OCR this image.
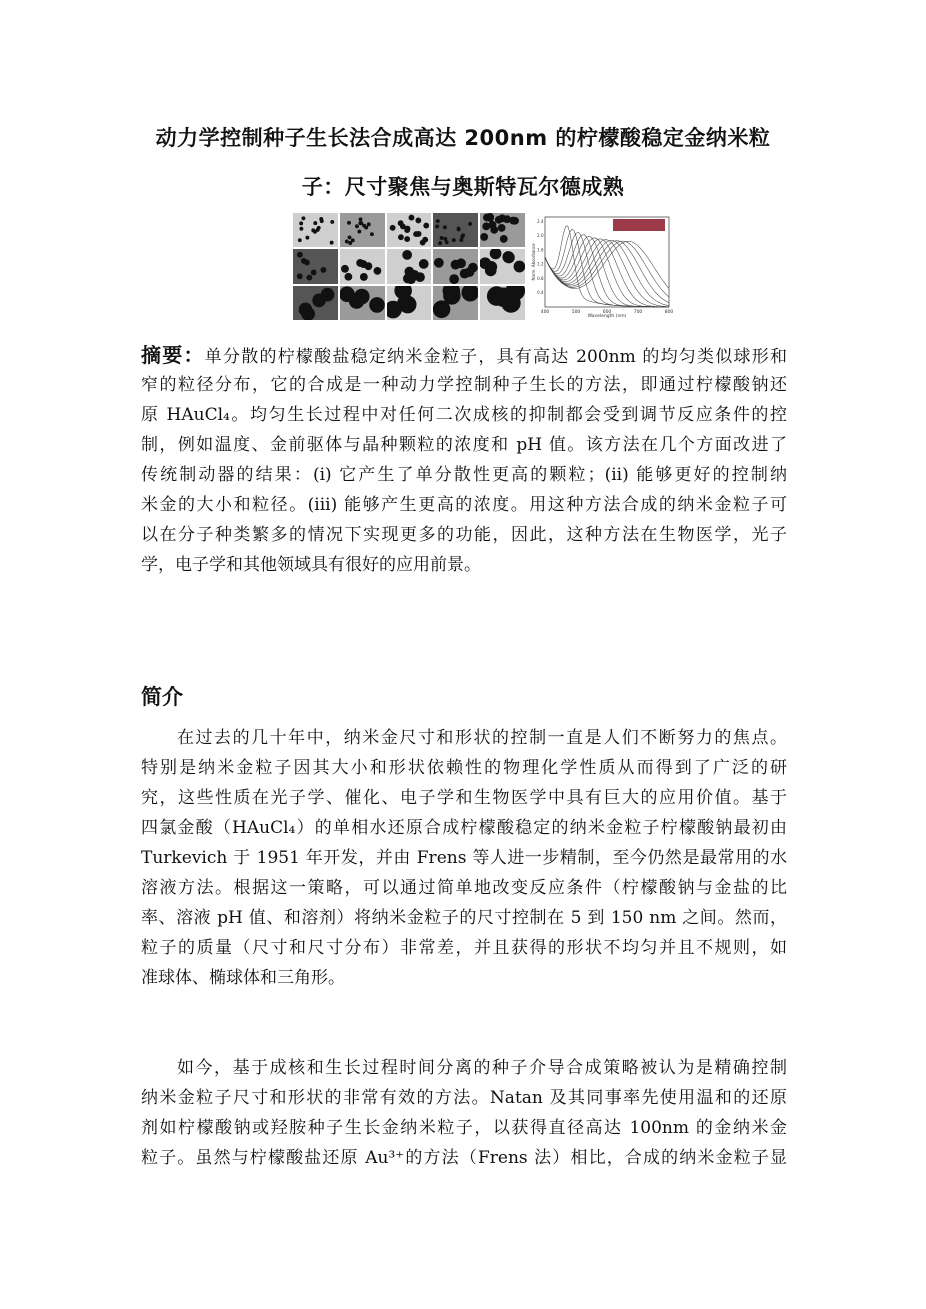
动力学控制种子生长法合成高达 200nm 的柠檬酸稳定金纳米粒
子：尺寸聚焦与奥斯特瓦尔德成熟
400	500	600	700	800
0.4
0.8
1.2
1.6
2.0
2.4
Wavelength (nm)
Norm. Absorbance
摘要：单分散的柠檬酸盐稳定纳米金粒子，具有高达 200nm 的均匀类似球形和
窄的粒径分布，它的合成是一种动力学控制种子生长的方法，即通过柠檬酸钠还
原 HAuCl₄。均匀生长过程中对任何二次成核的抑制都会受到调节反应条件的控
制，例如温度、金前驱体与晶种颗粒的浓度和 pH 值。该方法在几个方面改进了
传统制动器的结果：(i) 它产生了单分散性更高的颗粒；(ii) 能够更好的控制纳
米金的大小和粒径。(iii) 能够产生更高的浓度。用这种方法合成的纳米金粒子可
以在分子种类繁多的情况下实现更多的功能，因此，这种方法在生物医学，光子
学，电子学和其他领域具有很好的应用前景。
简介
在过去的几十年中，纳米金尺寸和形状的控制一直是人们不断努力的焦点。
特别是纳米金粒子因其大小和形状依赖性的物理化学性质从而得到了广泛的研
究，这些性质在光子学、催化、电子学和生物医学中具有巨大的应用价值。基于
四氯金酸（HAuCl₄）的单相水还原合成柠檬酸稳定的纳米金粒子柠檬酸钠最初由
Turkevich 于 1951 年开发，并由 Frens 等人进一步精制，至今仍然是最常用的水
溶液方法。根据这一策略，可以通过简单地改变反应条件（柠檬酸钠与金盐的比
率、溶液 pH 值、和溶剂）将纳米金粒子的尺寸控制在 5 到 150 nm 之间。然而，
粒子的质量（尺寸和尺寸分布）非常差，并且获得的形状不均匀并且不规则，如
准球体、椭球体和三角形。
如今，基于成核和生长过程时间分离的种子介导合成策略被认为是精确控制
纳米金粒子尺寸和形状的非常有效的方法。Natan 及其同事率先使用温和的还原
剂如柠檬酸钠或羟胺种子生长金纳米粒子，以获得直径高达 100nm 的金纳米金
粒子。虽然与柠檬酸盐还原 Au³⁺的方法（Frens 法）相比，合成的纳米金粒子显
